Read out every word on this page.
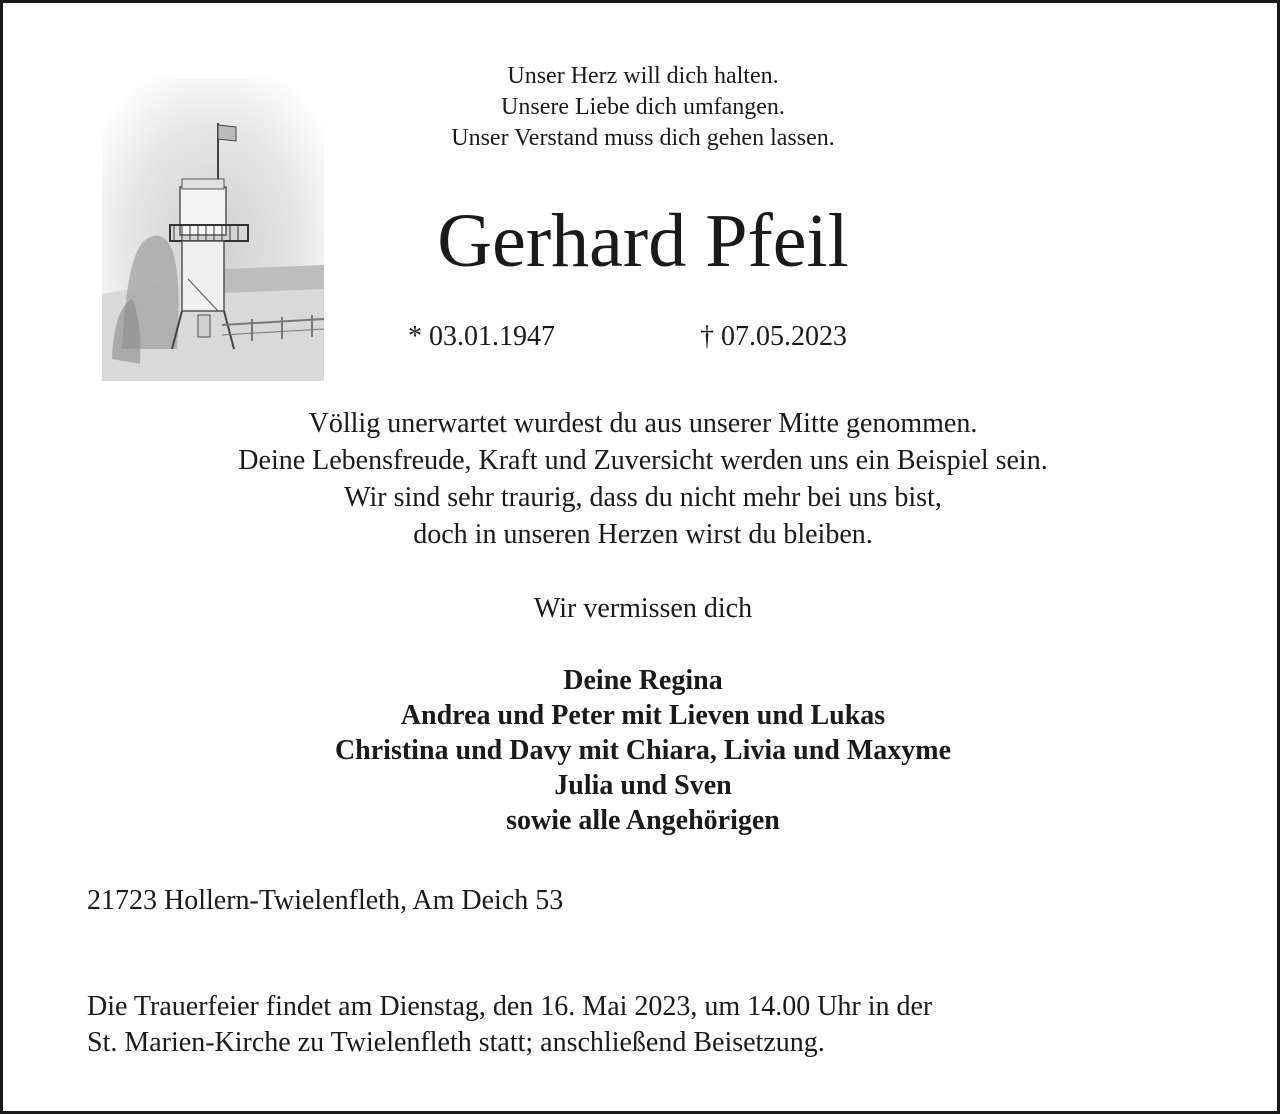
Unser Herz will dich halten.
Unsere Liebe dich umfangen.
Unser Verstand muss dich gehen lassen.
Gerhard Pfeil
* 03.01.1947	† 07.05.2023
Völlig unerwartet wurdest du aus unserer Mitte genommen.
Deine Lebensfreude, Kraft und Zuversicht werden uns ein Beispiel sein.
Wir sind sehr traurig, dass du nicht mehr bei uns bist,
doch in unseren Herzen wirst du bleiben.
Wir vermissen dich
Deine Regina
Andrea und Peter mit Lieven und Lukas
Christina und Davy mit Chiara, Livia und Maxyme
Julia und Sven
sowie alle Angehörigen
21723 Hollern-Twielenfleth, Am Deich 53
Die Trauerfeier findet am Dienstag, den 16. Mai 2023, um 14.00 Uhr in der
St. Marien-Kirche zu Twielenfleth statt; anschließend Beisetzung.
